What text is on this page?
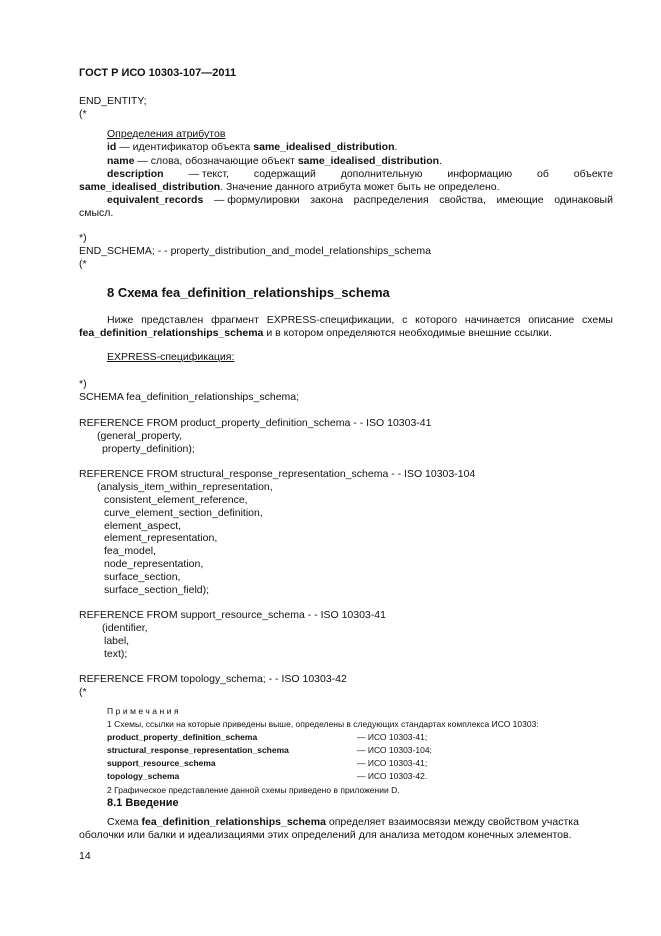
ГОСТ Р ИСО 10303-107—2011
END_ENTITY;
(*
Определения атрибутов
id — идентификатор объекта same_idealised_distribution.
name — слова, обозначающие объект same_idealised_distribution.
description — текст, содержащий дополнительную информацию об объекте
same_idealised_distribution. Значение данного атрибута может быть не определено.
equivalent_records — формулировки закона распределения свойства, имеющие одинаковый
смысл.
*)
END_SCHEMA; - - property_distribution_and_model_relationships_schema
(*
8 Схема fea_definition_relationships_schema
Ниже представлен фрагмент EXPRESS-спецификации, с которого начинается описание схемы
fea_definition_relationships_schema и в котором определяются необходимые внешние ссылки.
EXPRESS-спецификация:
*)
SCHEMA fea_definition_relationships_schema;
REFERENCE FROM product_property_definition_schema - - ISO 10303-41
(general_property,
property_definition);
REFERENCE FROM structural_response_representation_schema - - ISO 10303-104
(analysis_item_within_representation,
consistent_element_reference,
curve_element_section_definition,
element_aspect,
element_representation,
fea_model,
node_representation,
surface_section,
surface_section_field);
REFERENCE FROM support_resource_schema - - ISO 10303-41
(identifier,
label,
text);
REFERENCE FROM topology_schema; - - ISO 10303-42
(*
Примечания
1 Схемы, ссылки на которые приведены выше, определены в следующих стандартах комплекса ИСО 10303:
product_property_definition_schema	— ИСО 10303-41;
structural_response_representation_schema	— ИСО 10303-104;
support_resource_schema	— ИСО 10303-41;
topology_schema	— ИСО 10303-42.
2 Графическое представление данной схемы приведено в приложении D.
8.1 Введение
Схема fea_definition_relationships_schema определяет взаимосвязи между свойством участка
оболочки или балки и идеализациями этих определений для анализа методом конечных элементов.
14
